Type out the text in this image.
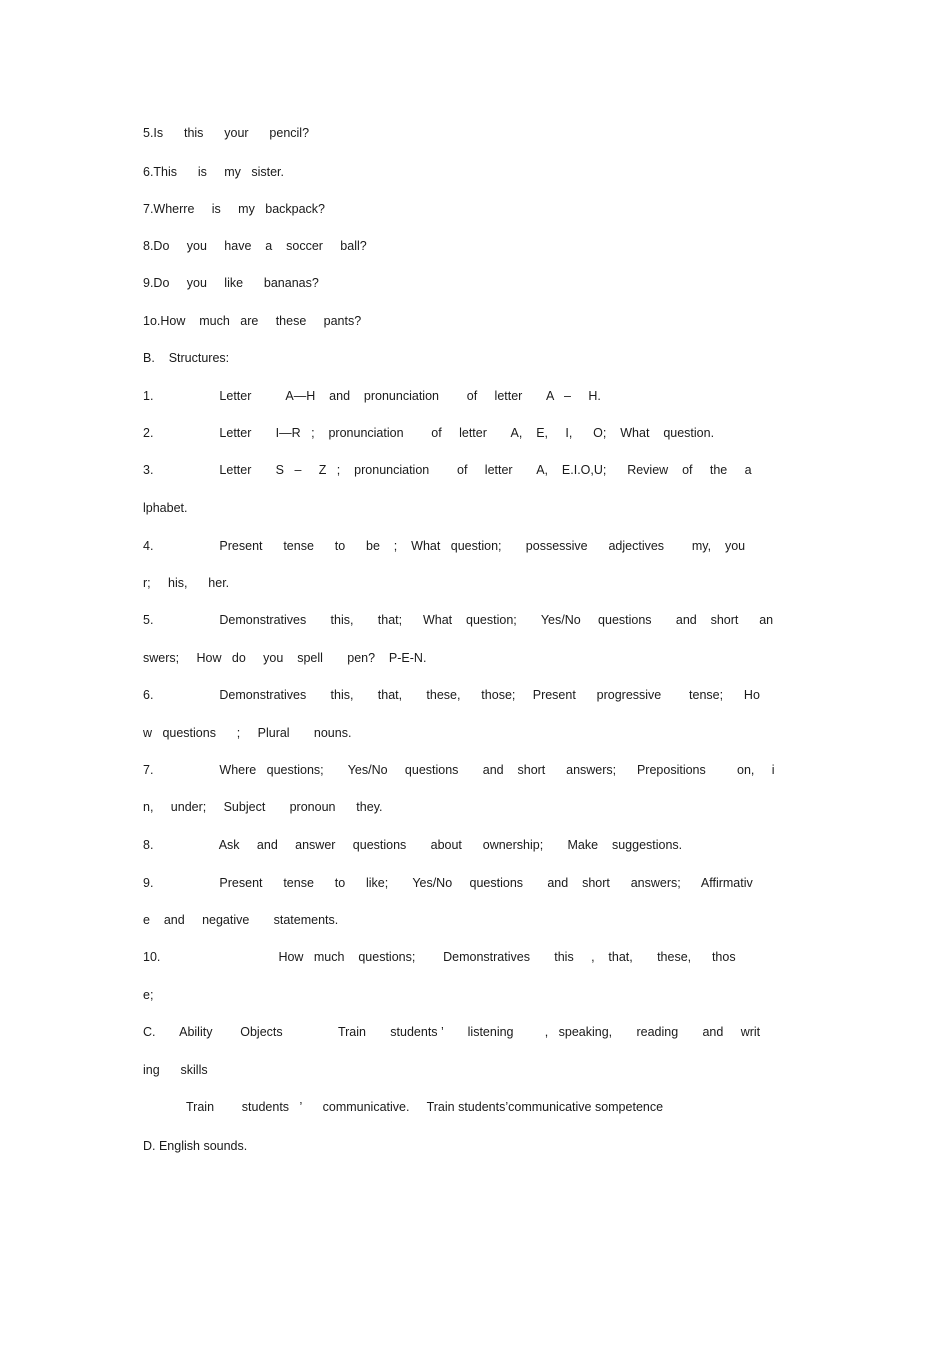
5.Is      this      your      pencil?

6.This      is     my   sister.

7.Wherre     is     my   backpack?

8.Do     you     have    a    soccer     ball?

9.Do     you     like      bananas?

1o.How    much   are     these     pants?

B.    Structures:

1.                   Letter          A—H    and    pronunciation        of     letter       A   –     H.

2.                   Letter       I—R   ;    pronunciation        of     letter       A,    E,     I,      O;    What    question.

3.                   Letter       S   –     Z   ;    pronunciation        of     letter       A,    E.I.O,U;      Review    of     the     a

lphabet.

4.                   Present      tense      to      be    ;    What   question;       possessive      adjectives        my,    you

r;     his,      her.

5.                   Demonstratives       this,       that;      What    question;       Yes/No     questions       and    short      an

swers;     How   do     you    spell       pen?    P-E-N.

6.                   Demonstratives       this,       that,       these,      those;     Present      progressive        tense;      Ho

w   questions      ;     Plural       nouns.

7.                   Where   questions;       Yes/No     questions       and    short      answers;      Prepositions         on,     i

n,     under;     Subject       pronoun      they.

8.                   Ask     and     answer     questions       about      ownership;       Make    suggestions.

9.                   Present      tense      to      like;       Yes/No     questions       and    short      answers;      Affirmativ

e    and     negative       statements.

10.                                  How   much    questions;        Demonstratives       this     ,    that,       these,      thos

e;

C.       Ability        Objects                Train       students ’       listening         ,   speaking,       reading       and     writ

ing      skills

Train        students   ’      communicative.     Train students’communicative sompetence

D. English sounds.
